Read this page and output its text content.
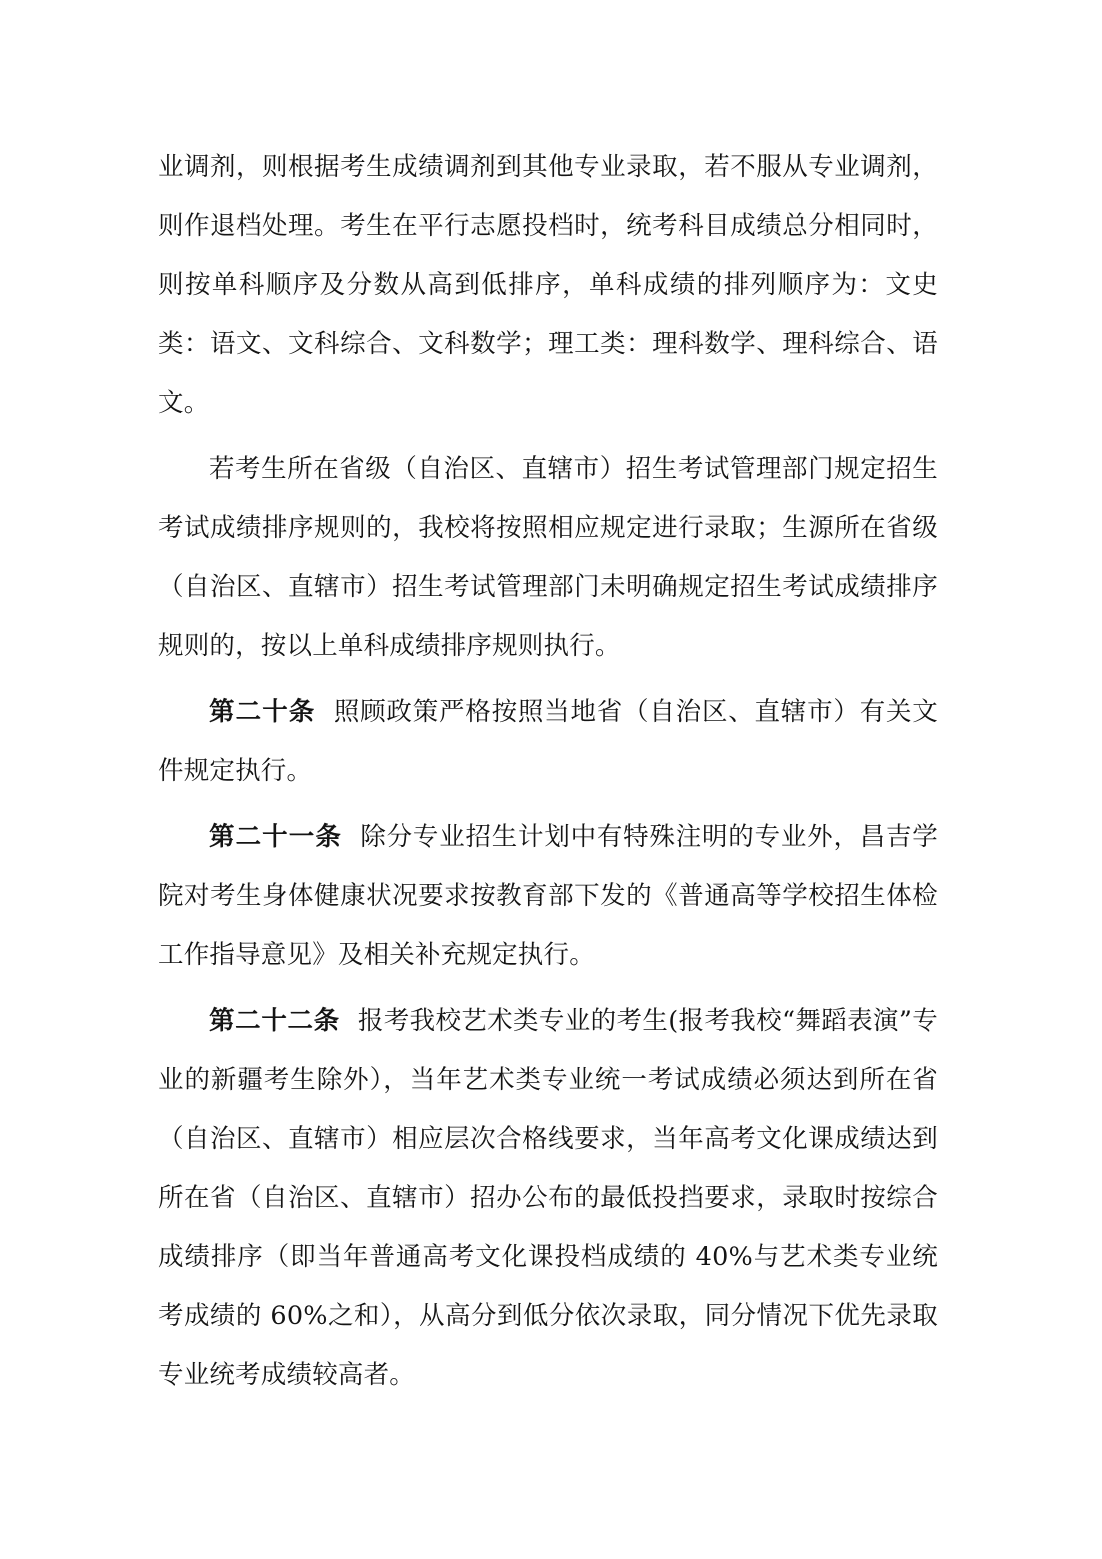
业调剂，则根据考生成绩调剂到其他专业录取，若不服从专业调剂，则作退档处理。考生在平行志愿投档时，统考科目成绩总分相同时，则按单科顺序及分数从高到低排序，单科成绩的排列顺序为：文史类：语文、文科综合、文科数学；理工类：理科数学、理科综合、语文。

若考生所在省级（自治区、直辖市）招生考试管理部门规定招生考试成绩排序规则的，我校将按照相应规定进行录取；生源所在省级（自治区、直辖市）招生考试管理部门未明确规定招生考试成绩排序规则的，按以上单科成绩排序规则执行。

第二十条 照顾政策严格按照当地省（自治区、直辖市）有关文件规定执行。

第二十一条 除分专业招生计划中有特殊注明的专业外，昌吉学院对考生身体健康状况要求按教育部下发的《普通高等学校招生体检工作指导意见》及相关补充规定执行。

第二十二条 报考我校艺术类专业的考生(报考我校“舞蹈表演”专业的新疆考生除外），当年艺术类专业统一考试成绩必须达到所在省（自治区、直辖市）相应层次合格线要求，当年高考文化课成绩达到所在省（自治区、直辖市）招办公布的最低投挡要求，录取时按综合成绩排序（即当年普通高考文化课投档成绩的 40%与艺术类专业统考成绩的 60%之和），从高分到低分依次录取，同分情况下优先录取专业统考成绩较高者。
